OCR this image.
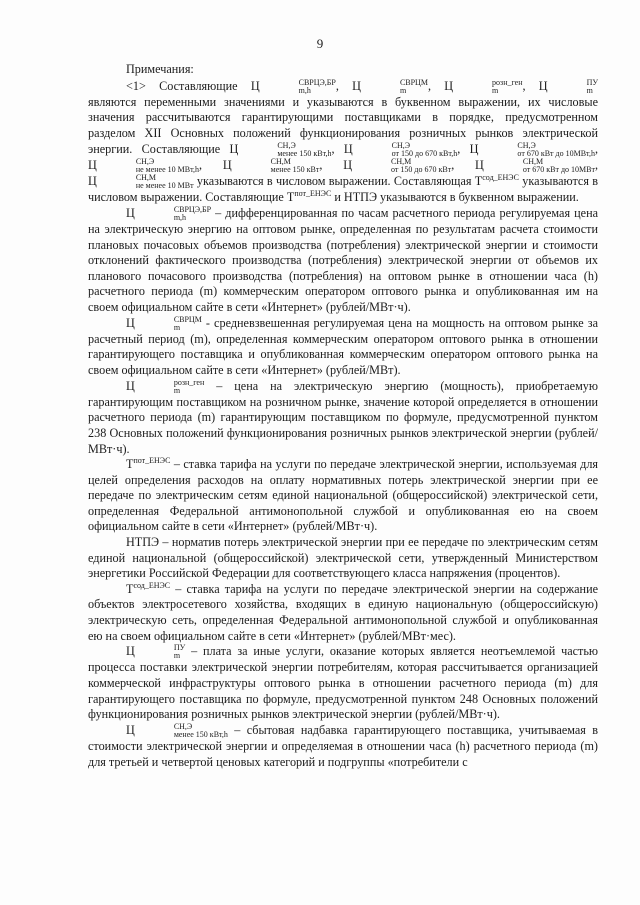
9

Примечания:

<1> Составляющие Ц	СВРЦЭ,БР
m,h	, Ц	СВРЦМ
m	, Ц	розн_ген
m	, Ц	ПУ
m
являются переменными значениями и указываются в буквенном выражении, их числовые значения рассчитываются гарантирующими поставщиками в порядке, предусмотренном разделом XII Основных положений функционирования розничных рынков электрической энергии. Составляющие Ц	СН,Э
менее 150 кВт,h , Ц	СН,Э
от 150 до 670 кВт,h , Ц	СН,Э
от 670 кВт до 10МВт,h , Ц	СН,Э
не менее 10 МВт,h , Ц	СН,М
менее 150 кВт , Ц	СН,М
от 150 до 670 кВт , Ц	СН,М
от 670 кВт до 10МВт , Ц	СН,М
не менее 10 МВт указываются в числовом выражении. Составляющая $Т^{сод\_ЕНЭС}$ указываются в числовом выражении. Составляющие $Т^{пот\_ЕНЭС}$ и НТПЭ указываются в буквенном выражении.

Ц	СВРЦЭ,БР
m,h	– дифференцированная по часам расчетного периода регулируемая цена на электрическую энергию на оптовом рынке, определенная по результатам расчета стоимости плановых почасовых объемов производства (потребления) электрической энергии и стоимости отклонений фактического производства (потребления) электрической энергии от объемов их планового почасового производства (потребления) на оптовом рынке в отношении часа (h) расчетного периода (m) коммерческим оператором оптового рынка и опубликованная им на своем официальном сайте в сети «Интернет» (рублей/МВт·ч).

Ц	СВРЦМ
m	- средневзвешенная регулируемая цена на мощность на оптовом рынке за расчетный период (m), определенная коммерческим оператором оптового рынка в отношении гарантирующего поставщика и опубликованная коммерческим оператором оптового рынка на своем официальном сайте в сети «Интернет» (рублей/МВт).

Ц	розн_ген
m	– цена на электрическую энергию (мощность), приобретаемую гарантирующим поставщиком на розничном рынке, значение которой определяется в отношении расчетного периода (m) гарантирующим поставщиком по формуле, предусмотренной пунктом 238 Основных положений функционирования розничных рынков электрической энергии (рублей/МВт·ч).

$Т^{пот\_ЕНЭС}$ – ставка тарифа на услуги по передаче электрической энергии, используемая для целей определения расходов на оплату нормативных потерь электрической энергии при ее передаче по электрическим сетям единой национальной (общероссийской) электрической сети, определенная Федеральной антимонопольной службой и опубликованная ею на своем официальном сайте в сети «Интернет» (рублей/МВт·ч).

НТПЭ – норматив потерь электрической энергии при ее передаче по электрическим сетям единой национальной (общероссийской) электрической сети, утвержденный Министерством энергетики Российской Федерации для соответствующего класса напряжения (процентов).

$Т^{сод\_ЕНЭС}$ – ставка тарифа на услуги по передаче электрической энергии на содержание объектов электросетевого хозяйства, входящих в единую национальную (общероссийскую) электрическую сеть, определенная Федеральной антимонопольной службой и опубликованная ею на своем официальном сайте в сети «Интернет» (рублей/МВт·мес).

Ц	ПУ
m – плата за иные услуги, оказание которых является неотъемлемой частью процесса поставки электрической энергии потребителям, которая рассчитывается организацией коммерческой инфраструктуры оптового рынка в отношении расчетного периода (m) для гарантирующего поставщика по формуле, предусмотренной пунктом 248 Основных положений функционирования розничных рынков электрической энергии (рублей/МВт·ч).

Ц	СН,Э
менее 150 кВт,h – сбытовая надбавка гарантирующего поставщика, учитываемая в стоимости электрической энергии и определяемая в отношении часа (h) расчетного периода (m) для третьей и четвертой ценовых категорий и подгруппы «потребители с
